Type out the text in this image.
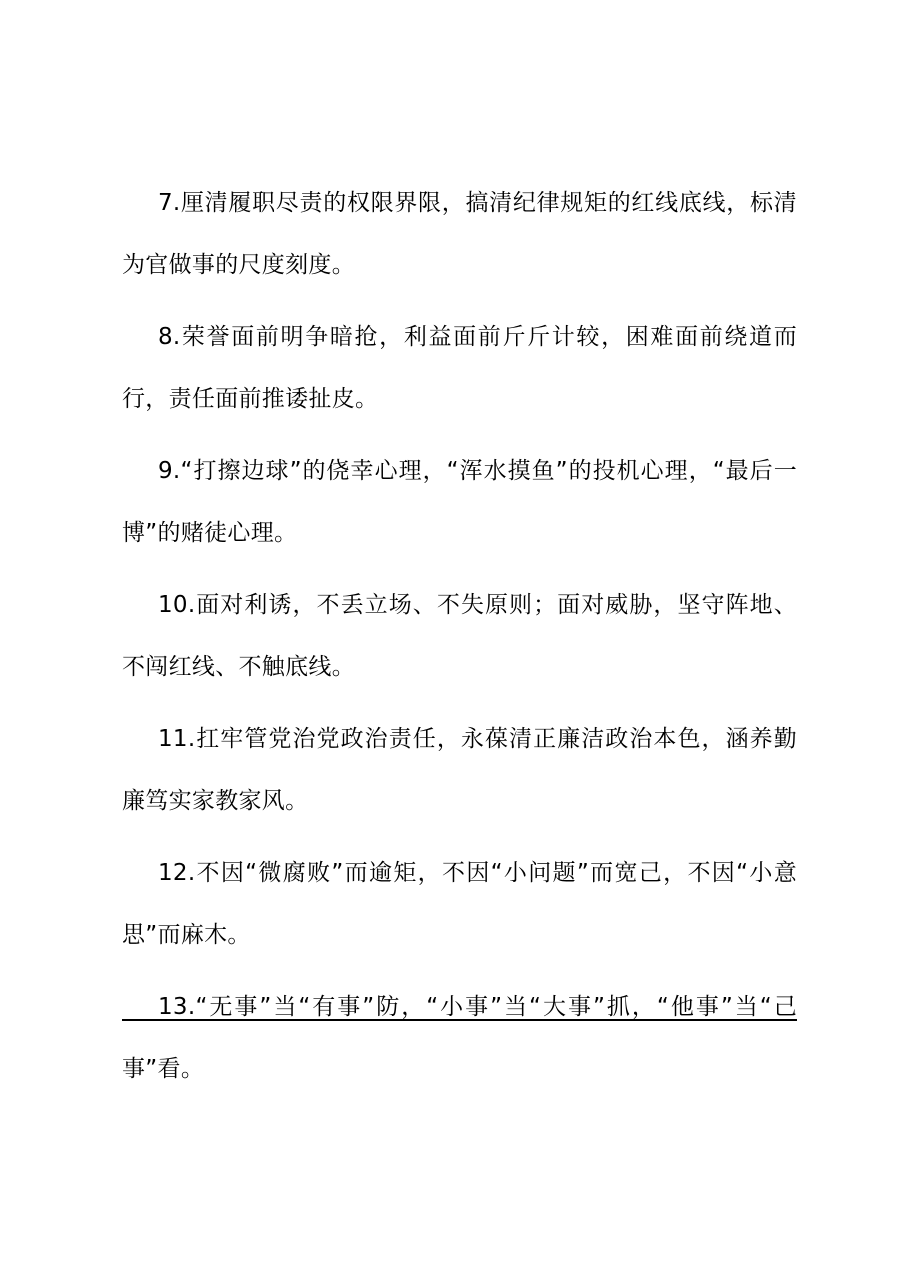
7.厘清履职尽责的权限界限，搞清纪律规矩的红线底线，标清为官做事的尺度刻度。

8.荣誉面前明争暗抢，利益面前斤斤计较，困难面前绕道而行，责任面前推诿扯皮。

9.“打擦边球”的侥幸心理，“浑水摸鱼”的投机心理，“最后一博”的赌徒心理。

10.面对利诱，不丢立场、不失原则；面对威胁，坚守阵地、不闯红线、不触底线。

11.扛牢管党治党政治责任，永葆清正廉洁政治本色，涵养勤廉笃实家教家风。

12.不因“微腐败”而逾矩，不因“小问题”而宽己，不因“小意思”而麻木。

13.“无事”当“有事”防，“小事”当“大事”抓，“他事”当“己事”看。
